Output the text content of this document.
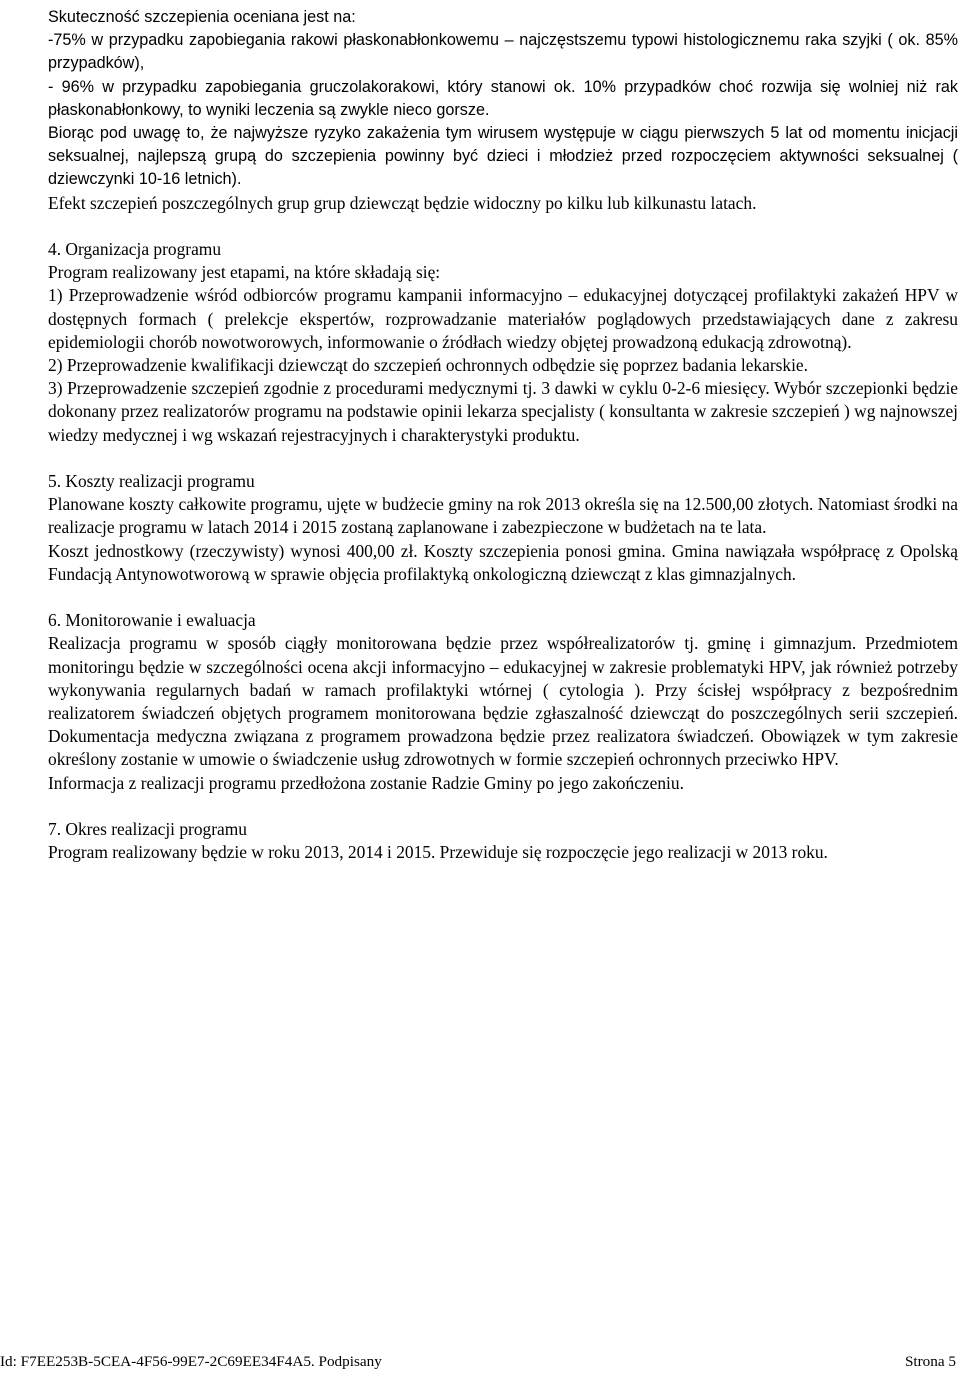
Skuteczność szczepienia oceniana jest na:

-75% w przypadku zapobiegania rakowi płaskonabłonkowemu – najczęstszemu typowi histologicznemu raka szyjki ( ok. 85% przypadków),

- 96% w przypadku zapobiegania gruczolakorakowi, który stanowi ok. 10% przypadków choć rozwija się wolniej niż rak płaskonabłonkowy, to wyniki leczenia są zwykle nieco gorsze.

Biorąc pod uwagę to, że najwyższe ryzyko zakażenia tym wirusem występuje w ciągu pierwszych 5 lat od momentu inicjacji seksualnej, najlepszą grupą do szczepienia powinny być dzieci i młodzież przed rozpoczęciem aktywności seksualnej ( dziewczynki 10-16 letnich).

Efekt szczepień poszczególnych grup grup dziewcząt będzie widoczny po kilku lub kilkunastu latach.

4. Organizacja programu

Program realizowany jest etapami, na które składają się:

1) Przeprowadzenie wśród odbiorców programu kampanii informacyjno – edukacyjnej dotyczącej profilaktyki zakażeń HPV w dostępnych formach ( prelekcje ekspertów, rozprowadzanie materiałów poglądowych przedstawiających dane z zakresu epidemiologii chorób nowotworowych, informowanie o źródłach wiedzy objętej prowadzoną edukacją zdrowotną).

2) Przeprowadzenie kwalifikacji dziewcząt do szczepień ochronnych odbędzie się poprzez badania lekarskie.

3) Przeprowadzenie szczepień zgodnie z procedurami medycznymi tj. 3 dawki w cyklu 0-2-6 miesięcy. Wybór szczepionki będzie dokonany przez realizatorów programu na podstawie opinii lekarza specjalisty ( konsultanta w zakresie szczepień ) wg najnowszej wiedzy medycznej i wg wskazań rejestracyjnych i charakterystyki produktu.

5. Koszty realizacji programu

Planowane koszty całkowite programu, ujęte w budżecie gminy na rok 2013 określa się na 12.500,00 złotych. Natomiast środki na realizacje programu w latach 2014 i 2015 zostaną zaplanowane i zabezpieczone w budżetach na te lata.

Koszt jednostkowy (rzeczywisty) wynosi 400,00 zł. Koszty szczepienia ponosi gmina. Gmina nawiązała współpracę z Opolską Fundacją Antynowotworową w sprawie objęcia profilaktyką onkologiczną dziewcząt z klas gimnazjalnych.

6. Monitorowanie i ewaluacja

Realizacja programu w sposób ciągły monitorowana będzie przez współrealizatorów tj. gminę i gimnazjum. Przedmiotem monitoringu będzie w szczególności ocena akcji informacyjno – edukacyjnej w zakresie problematyki HPV, jak również potrzeby wykonywania regularnych badań w ramach profilaktyki wtórnej ( cytologia ). Przy ścisłej współpracy z bezpośrednim realizatorem świadczeń objętych programem monitorowana będzie zgłaszalność dziewcząt do poszczególnych serii szczepień. Dokumentacja medyczna związana z programem prowadzona będzie przez realizatora świadczeń. Obowiązek w tym zakresie określony zostanie w umowie o świadczenie usług zdrowotnych w formie szczepień ochronnych przeciwko HPV.

Informacja z realizacji programu przedłożona zostanie Radzie Gminy po jego zakończeniu.

7. Okres realizacji programu

Program realizowany będzie w roku 2013, 2014 i 2015. Przewiduje się rozpoczęcie jego realizacji w 2013 roku.

Id: F7EE253B-5CEA-4F56-99E7-2C69EE34F4A5. Podpisany	Strona 5
